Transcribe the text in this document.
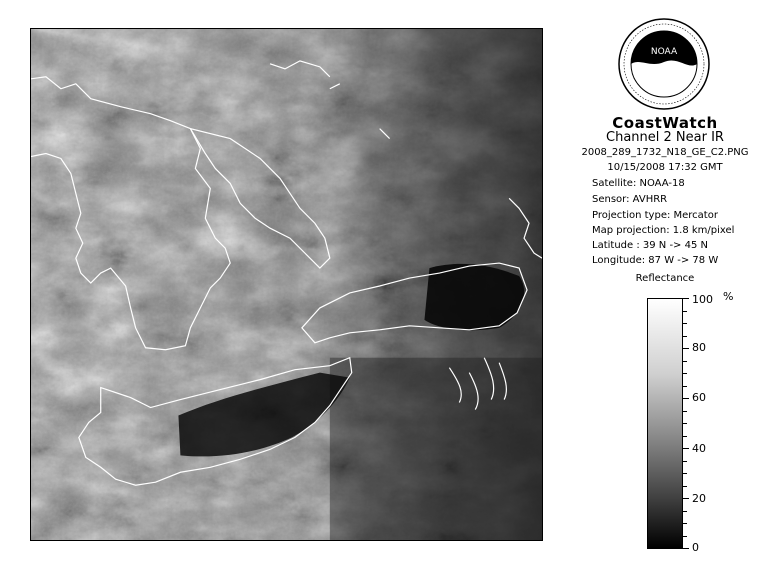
NOAA
CoastWatch
Channel 2 Near IR
2008_289_1732_N18_GE_C2.PNG
10/15/2008 17:32 GMT
Satellite: NOAA-18
Sensor: AVHRR
Projection type: Mercator
Map projection: 1.8 km/pixel
Latitude : 39 N -> 45 N
Longitude: 87 W -> 78 W
Reflectance
%
100
80
60
40
20
0
